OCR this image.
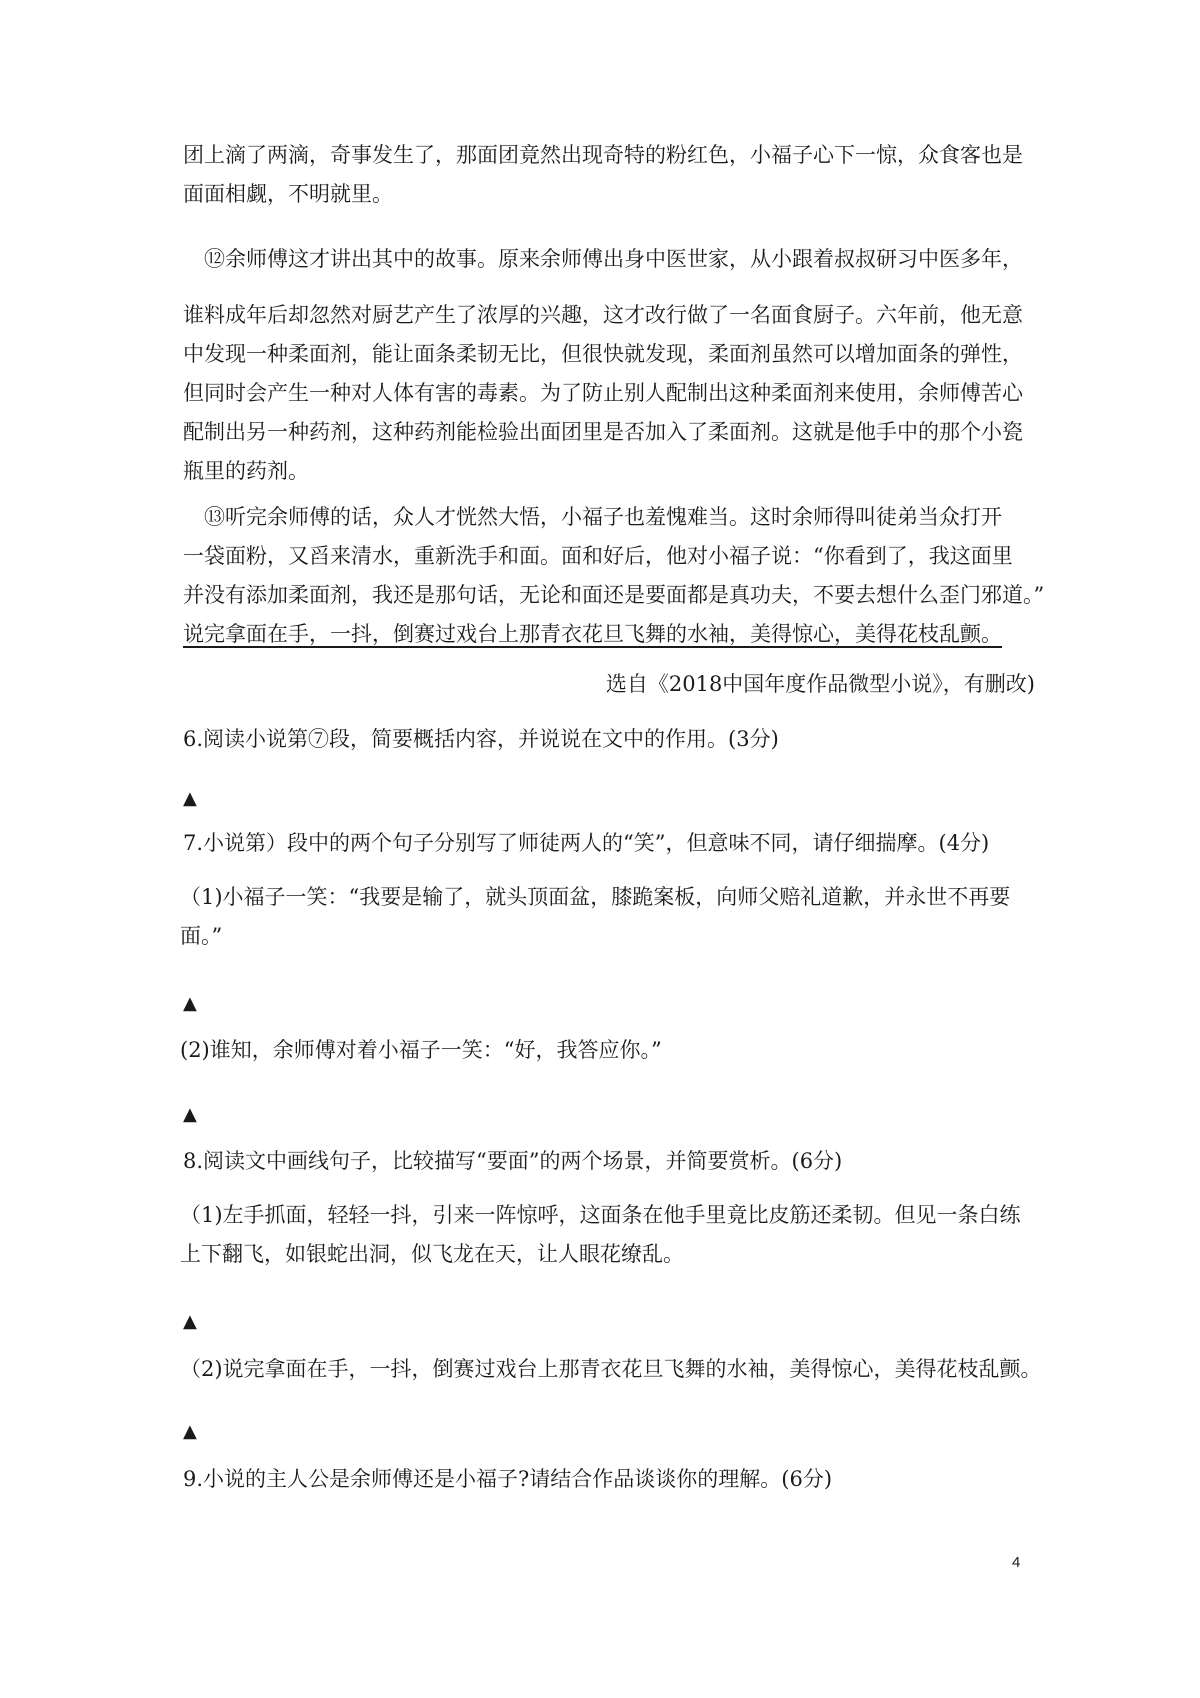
团上滴了两滴，奇事发生了，那面团竟然出现奇特的粉红色，小福子心下一惊，众食客也是
面面相觑，不明就里。
　⑫余师傅这才讲出其中的故事。原来余师傅出身中医世家，从小跟着叔叔研习中医多年，
谁料成年后却忽然对厨艺产生了浓厚的兴趣，这才改行做了一名面食厨子。六年前，他无意
中发现一种柔面剂，能让面条柔韧无比，但很快就发现，柔面剂虽然可以增加面条的弹性，
但同时会产生一种对人体有害的毒素。为了防止别人配制出这种柔面剂来使用，余师傅苦心
配制出另一种药剂，这种药剂能检验出面团里是否加入了柔面剂。这就是他手中的那个小瓷
瓶里的药剂。
　⑬听完余师傅的话，众人才恍然大悟，小福子也羞愧难当。这时余师得叫徒弟当众打开
一袋面粉，又舀来清水，重新洗手和面。面和好后，他对小福子说：“你看到了，我这面里
并没有添加柔面剂，我还是那句话，无论和面还是要面都是真功夫，不要去想什么歪门邪道。”
说完拿面在手，一抖，倒赛过戏台上那青衣花旦飞舞的水袖，美得惊心，美得花枝乱颤。
选自《2018中国年度作品微型小说》，有删改)
6.阅读小说第⑦段，简要概括内容，并说说在文中的作用。(3分)
▲
7.小说第）段中的两个句子分别写了师徒两人的“笑”，但意味不同，请仔细揣摩。(4分)
（1)小福子一笑：“我要是输了，就头顶面盆，膝跪案板，向师父赔礼道歉，并永世不再要
面。”
▲
(2)谁知，余师傅对着小福子一笑：“好，我答应你。”
▲
8.阅读文中画线句子，比较描写“要面”的两个场景，并简要赏析。(6分)
（1)左手抓面，轻轻一抖，引来一阵惊呼，这面条在他手里竟比皮筋还柔韧。但见一条白练
上下翻飞，如银蛇出洞，似飞龙在天，让人眼花缭乱。
▲
（2)说完拿面在手，一抖，倒赛过戏台上那青衣花旦飞舞的水袖，美得惊心，美得花枝乱颤。
▲
9.小说的主人公是余师傅还是小福子?请结合作品谈谈你的理解。(6分)
4
